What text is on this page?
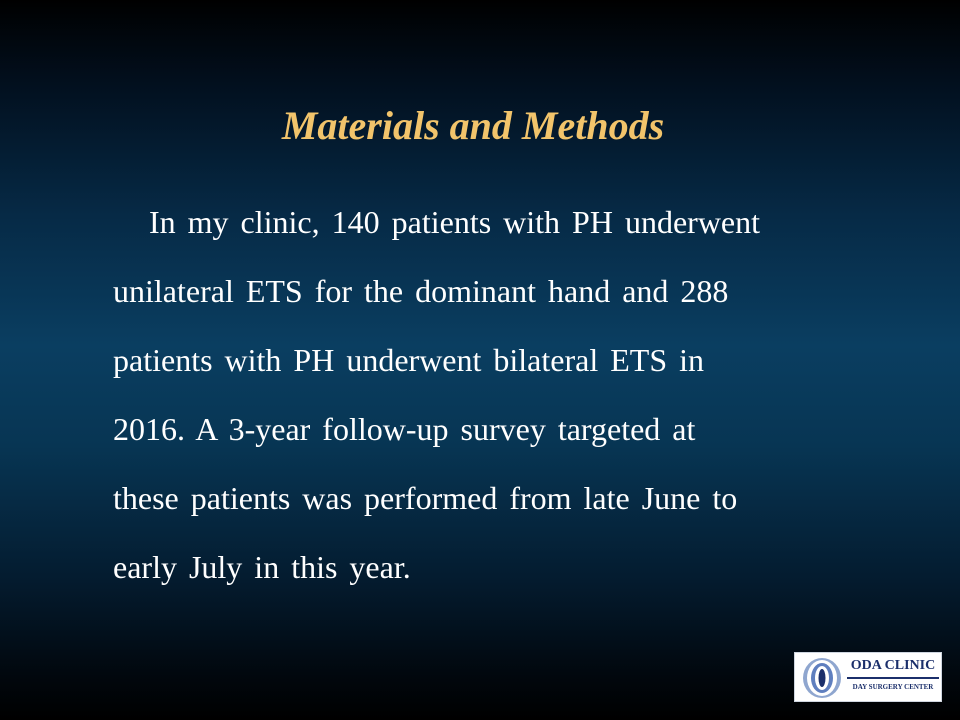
Materials and Methods
In my clinic, 140 patients with PH underwent
unilateral ETS for the dominant hand and 288
patients with PH underwent bilateral ETS in
2016. A 3-year follow-up survey targeted at
these patients was performed from late June to
early July in this year.
ODA CLINIC
DAY SURGERY CENTER
